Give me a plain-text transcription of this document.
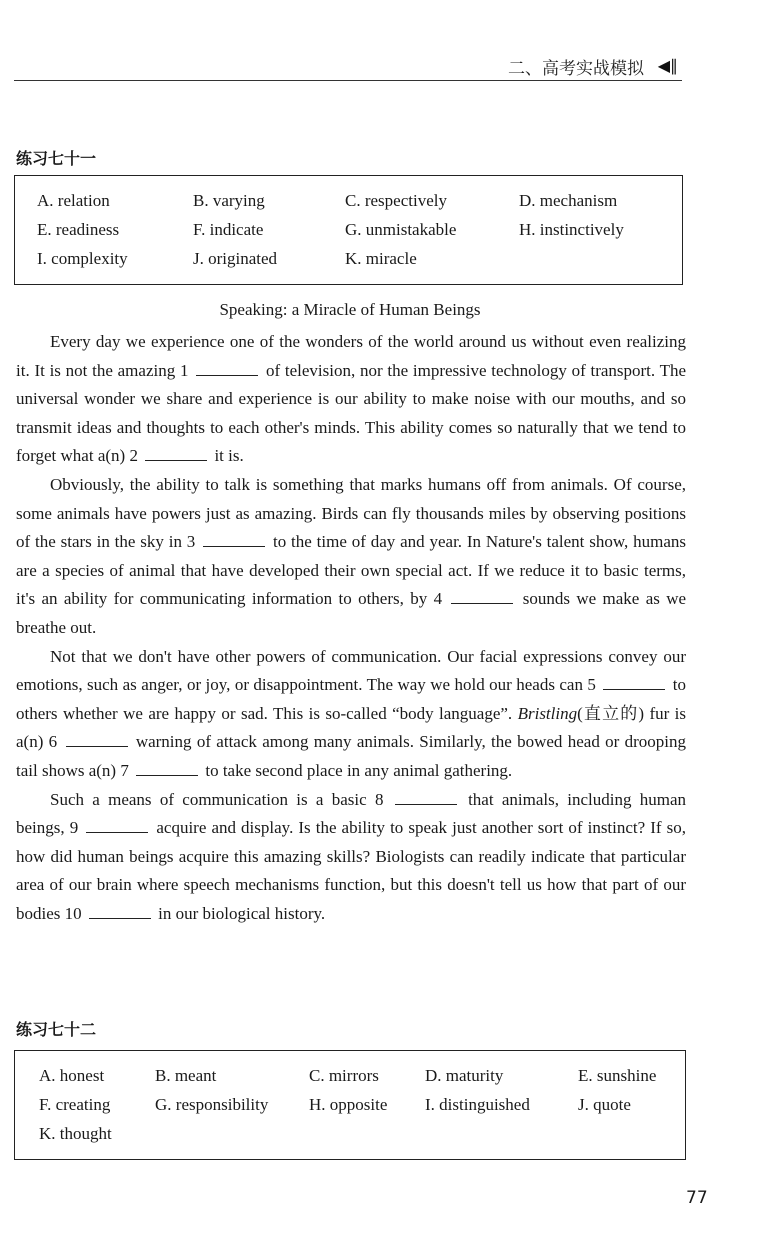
二、高考实战模拟 ◀∥
练习七十一
A. relation	B. varying	C. respectively	D. mechanism
E. readiness	F. indicate	G. unmistakable	H. instinctively
I. complexity	J. originated	K. miracle
Speaking: a Miracle of Human Beings

Every day we experience one of the wonders of the world around us without even realizing it. It is not the amazing 1	of television, nor the impressive technology of transport. The universal wonder we share and experience is our ability to make noise with our mouths, and so transmit ideas and thoughts to each other's minds. This ability comes so naturally that we tend to forget what a(n) 2	it is.

Obviously, the ability to talk is something that marks humans off from animals. Of course, some animals have powers just as amazing. Birds can fly thousands miles by observing positions of the stars in the sky in 3	to the time of day and year. In Nature's talent show, humans are a species of animal that have developed their own special act. If we reduce it to basic terms, it's an ability for communicating information to others, by 4	sounds we make as we breathe out.

Not that we don't have other powers of communication. Our facial expressions convey our emotions, such as anger, or joy, or disappointment. The way we hold our heads can 5	to others whether we are happy or sad. This is so-called “body language”. Bristling(直立的) fur is a(n) 6	warning of attack among many animals. Similarly, the bowed head or drooping tail shows a(n) 7	to take second place in any animal gathering.

Such a means of communication is a basic 8	that animals, including human beings, 9	acquire and display. Is the ability to speak just another sort of instinct? If so, how did human beings acquire this amazing skills? Biologists can readily indicate that particular area of our brain where speech mechanisms function, but this doesn't tell us how that part of our bodies 10	in our biological history.

练习七十二
A. honest	B. meant	C. mirrors	D. maturity	E. sunshine
F. creating	G. responsibility	H. opposite	I. distinguished	J. quote
K. thought
77
